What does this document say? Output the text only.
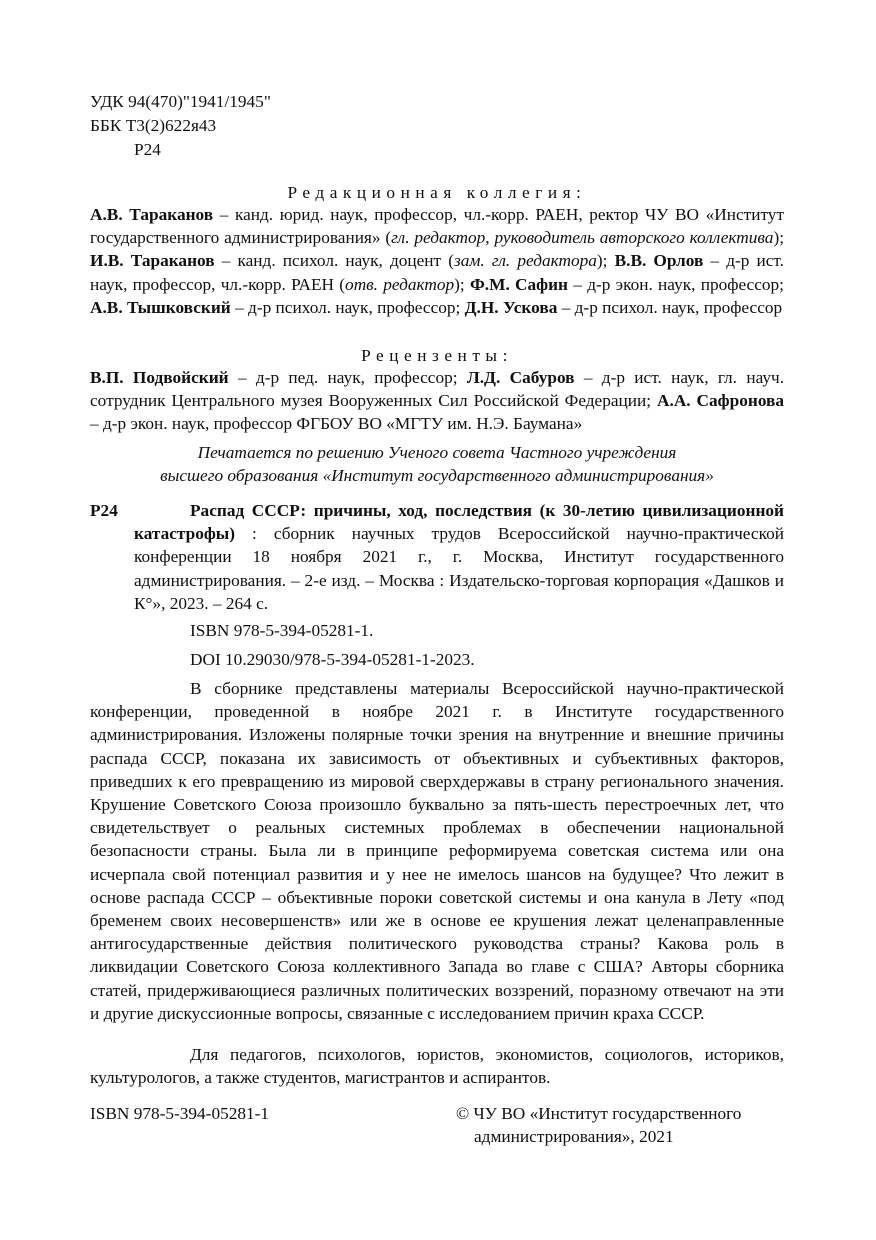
УДК 94(470)"1941/1945"
ББК Т3(2)622я43
Р24
Редакционная коллегия:
А.В. Тараканов – канд. юрид. наук, профессор, чл.-корр. РАЕН, ректор ЧУ ВО «Институт государственного администрирования» (гл. редактор, руководитель авторского коллектива); И.В. Тараканов – канд. психол. наук, доцент (зам. гл. редактора); В.В. Орлов – д-р ист. наук, профессор, чл.-корр. РАЕН (отв. редактор); Ф.М. Сафин – д-р экон. наук, профессор; А.В. Тышковский – д-р психол. наук, профессор; Д.Н. Ускова – д-р психол. наук, профессор
Рецензенты:
В.П. Подвойский – д-р пед. наук, профессор; Л.Д. Сабуров – д-р ист. наук, гл. науч. сотрудник Центрального музея Вооруженных Сил Российской Федерации; А.А. Сафронова – д-р экон. наук, профессор ФГБОУ ВО «МГТУ им. Н.Э. Баумана»
Печатается по решению Ученого совета Частного учреждения
высшего образования «Институт государственного администрирования»
Р24	Распад СССР: причины, ход, последствия (к 30-летию цивилизационной катастрофы) : сборник научных трудов Всероссийской научно-практической конференции 18 ноября 2021 г., г. Москва, Институт государственного администрирования. – 2-е изд. – Москва : Издательско-торговая корпорация «Дашков и К°», 2023. – 264 с.
ISBN 978-5-394-05281-1.
DOI 10.29030/978-5-394-05281-1-2023.
В сборнике представлены материалы Всероссийской научно-практической конференции, проведенной в ноябре 2021 г. в Институте государственного администрирования. Изложены полярные точки зрения на внутренние и внешние причины распада СССР, показана их зависимость от объективных и субъективных факторов, приведших к его превращению из мировой сверхдержавы в страну регионального значения. Крушение Советского Союза произошло буквально за пять-шесть перестроечных лет, что свидетельствует о реальных системных проблемах в обеспечении национальной безопасности страны. Была ли в принципе реформируема советская система или она исчерпала свой потенциал развития и у нее не имелось шансов на будущее? Что лежит в основе распада СССР – объективные пороки советской системы и она канула в Лету «под бременем своих несовершенств» или же в основе ее крушения лежат целенаправленные антигосударственные действия политического руководства страны? Какова роль в ликвидации Советского Союза коллективного Запада во главе с США? Авторы сборника статей, придерживающиеся различных политических воззрений, поразному отвечают на эти и другие дискуссионные вопросы, связанные с исследованием причин краха СССР.
Для педагогов, психологов, юристов, экономистов, социологов, историков, культурологов, а также студентов, магистрантов и аспирантов.
ISBN 978-5-394-05281-1	© ЧУ ВО «Институт государственного
администрирования», 2021
